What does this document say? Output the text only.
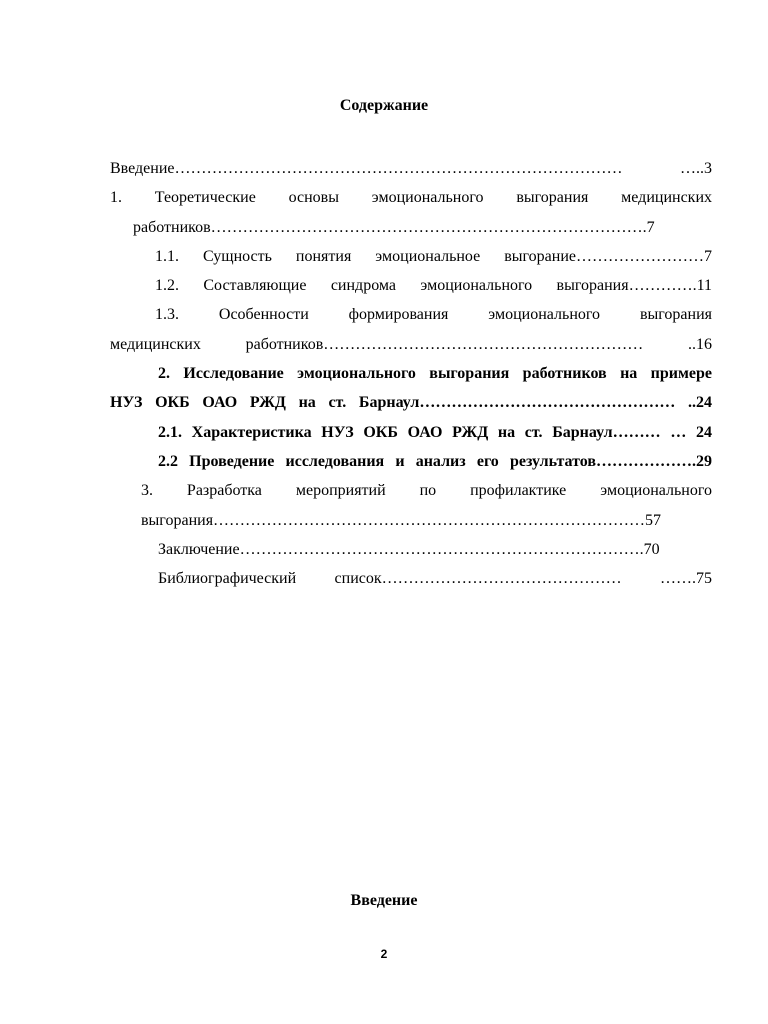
Содержание
Введение………………………………………………………………………… …..3
1. Теоретические основы эмоционального выгорания медицинских
работников……………………………………………………………………….7
1.1. Сущность понятия эмоциональное выгорание……………………7
1.2. Составляющие синдрома эмоционального выгорания………….11
1.3. Особенности формирования эмоционального выгорания
медицинских работников…………………………………………………… ..16
2. Исследование эмоционального выгорания работников на примере
НУЗ ОКБ ОАО РЖД на ст. Барнаул………………………………………… ..24
2.1. Характеристика НУЗ ОКБ ОАО РЖД на ст. Барнаул……… … 24
2.2 Проведение исследования и анализ его результатов……………….29
3. Разработка мероприятий по профилактике эмоционального
выгорания………………………………………………………………………57
Заключение………………………………………………………………….70
Библиографический список……………………………………… …….75
Введение
2
